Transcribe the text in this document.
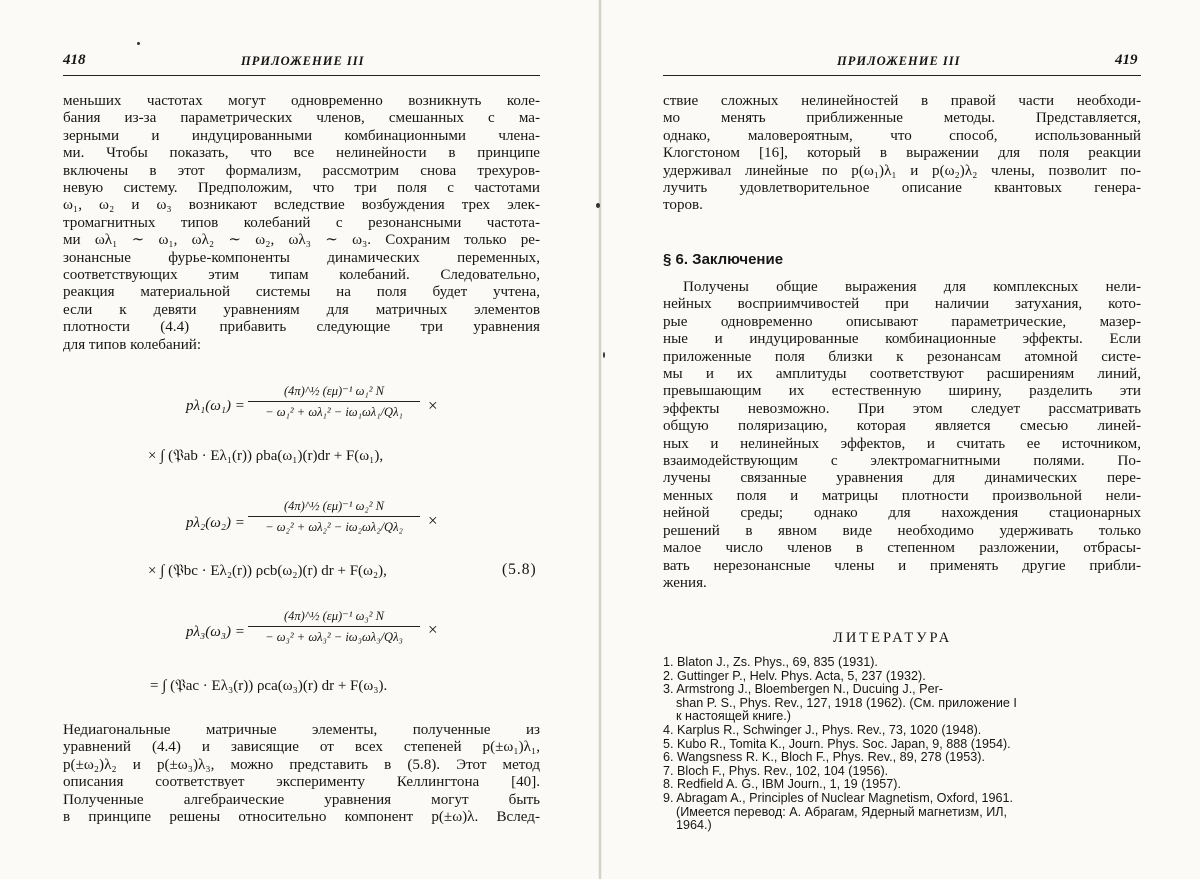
418	ПРИЛОЖЕНИЕ III
меньших частотах могут одновременно возникнуть коле-
бания из-за параметрических членов, смешанных с ма-
зерными и индуцированными комбинационными члена-
ми. Чтобы показать, что все нелинейности в принципе
включены в этот формализм, рассмотрим снова трехуров-
невую систему. Предположим, что три поля с частотами
ω₁, ω₂ и ω₃ возникают вследствие возбуждения трех элек-
тромагнитных типов колебаний с резонансными частота-
ми ωλ₁ ∼ ω₁, ωλ₂ ∼ ω₂, ωλ₃ ∼ ω₃. Сохраним только ре-
зонансные фурье-компоненты динамических переменных,
соответствующих этим типам колебаний. Следовательно,
реакция материальной системы на поля будет учтена,
если к девяти уравнениям для матричных элементов
плотности (4.4) прибавить следующие три уравнения
для типов колебаний:
pλ₁(ω₁) =
(4π)^½ (εμ)⁻¹ ω₁² N
− ω₁² + ωλ₁² − iω₁ωλ₁/Qλ₁	×
× ∫ (𝔓ab · Eλ₁(r)) ρba(ω₁)(r)dr + F(ω₁),
pλ₂(ω₂) =
(4π)^½ (εμ)⁻¹ ω₂² N
− ω₂² + ωλ₂² − iω₂ωλ₂/Qλ₂	×
× ∫ (𝔓bc · Eλ₂(r)) ρcb(ω₂)(r) dr + F(ω₂),	(5.8)
pλ₃(ω₃) =
(4π)^½ (εμ)⁻¹ ω₃² N
− ω₃² + ωλ₃² − iω₃ωλ₃/Qλ₃	×
= ∫ (𝔓ac · Eλ₃(r)) ρca(ω₃)(r) dr + F(ω₃).
Недиагональные матричные элементы, полученные из
уравнений (4.4) и зависящие от всех степеней p(±ω₁)λ₁,
p(±ω₂)λ₂ и p(±ω₃)λ₃, можно представить в (5.8). Этот метод
описания соответствует эксперименту Келлингтона [40].
Полученные алгебраические уравнения могут быть
в принципе решены относительно компонент p(±ω)λ. Вслед-
ПРИЛОЖЕНИЕ III	419
ствие сложных нелинейностей в правой части необходи-
мо менять приближенные методы. Представляется,
однако, маловероятным, что способ, использованный
Клогстоном [16], который в выражении для поля реакции
удерживал линейные по p(ω₁)λ₁ и p(ω₂)λ₂ члены, позволит по-
лучить удовлетворительное описание квантовых генера-
торов.
§ 6. Заключение
Получены общие выражения для комплексных нели-
нейных восприимчивостей при наличии затухания, кото-
рые одновременно описывают параметрические, мазер-
ные и индуцированные комбинационные эффекты. Если
приложенные поля близки к резонансам атомной систе-
мы и их амплитуды соответствуют расширениям линий,
превышающим их естественную ширину, разделить эти
эффекты невозможно. При этом следует рассматривать
общую поляризацию, которая является смесью линей-
ных и нелинейных эффектов, и считать ее источником,
взаимодействующим с электромагнитными полями. По-
лучены связанные уравнения для динамических пере-
менных поля и матрицы плотности произвольной нели-
нейной среды; однако для нахождения стационарных
решений в явном виде необходимо удерживать только
малое число членов в степенном разложении, отбрасы-
вать нерезонансные члены и применять другие прибли-
жения.
ЛИТЕРАТУРА
1. Blaton J., Zs. Phys., 69, 835 (1931).
2. Guttinger P., Helv. Phys. Acta, 5, 237 (1932).
3. Armstrong J., Bloembergen N., Ducuing J., Per-
shan P. S., Phys. Rev., 127, 1918 (1962). (См. приложение I
к настоящей книге.)
4. Karplus R., Schwinger J., Phys. Rev., 73, 1020 (1948).
5. Kubo R., Tomita K., Journ. Phys. Soc. Japan, 9, 888 (1954).
6. Wangsness R. K., Bloch F., Phys. Rev., 89, 278 (1953).
7. Bloch F., Phys. Rev., 102, 104 (1956).
8. Redfield A. G., IBM Journ., 1, 19 (1957).
9. Abragam A., Principles of Nuclear Magnetism, Oxford, 1961.
(Имеется перевод: А. Абрагам, Ядерный магнетизм, ИЛ,
1964.)
